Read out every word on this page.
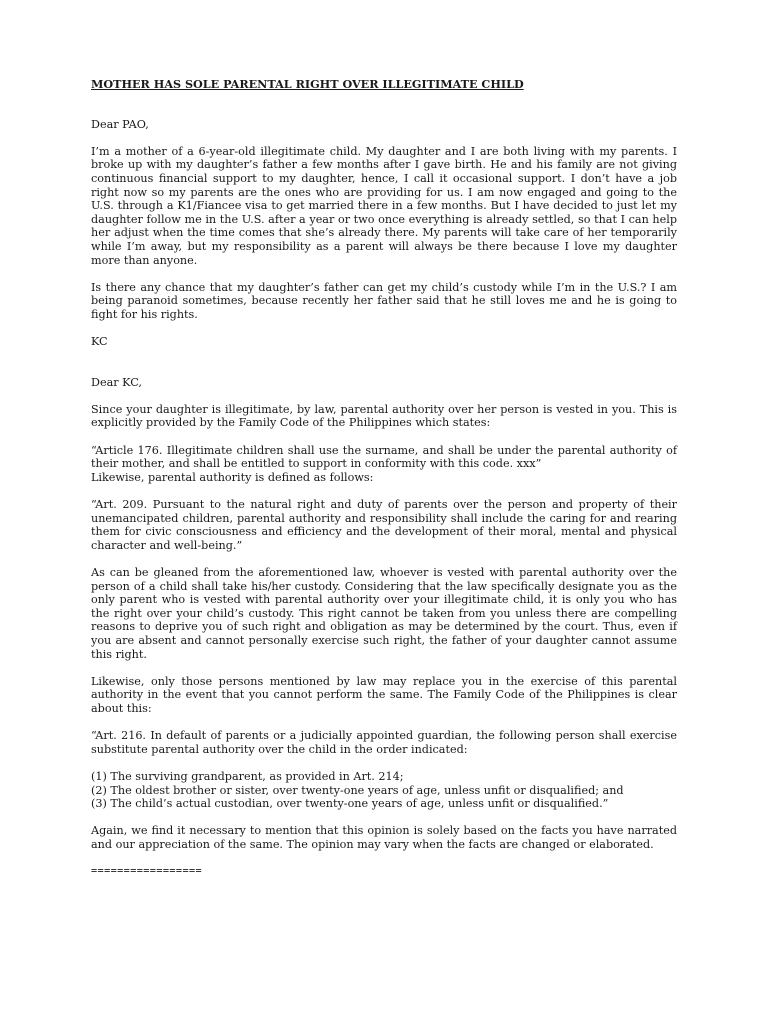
MOTHER HAS SOLE PARENTAL RIGHT OVER ILLEGITIMATE CHILD

Dear PAO,

I’m a mother of a 6-year-old illegitimate child. My daughter and I are both living with my parents. I broke up with my daughter’s father a few months after I gave birth. He and his family are not giving continuous financial support to my daughter, hence, I call it occasional support. I don’t have a job right now so my parents are the ones who are providing for us. I am now engaged and going to the U.S. through a K1/Fiancee visa to get married there in a few months. But I have decided to just let my daughter follow me in the U.S. after a year or two once everything is already settled, so that I can help her adjust when the time comes that she’s already there. My parents will take care of her temporarily while I’m away, but my responsibility as a parent will always be there because I love my daughter more than anyone.

Is there any chance that my daughter’s father can get my child’s custody while I’m in the U.S.? I am being paranoid sometimes, because recently her father said that he still loves me and he is going to fight for his rights.

KC

Dear KC,

Since your daughter is illegitimate, by law, parental authority over her person is vested in you. This is explicitly provided by the Family Code of the Philippines which states:

“Article 176. Illegitimate children shall use the surname, and shall be under the parental authority of their mother, and shall be entitled to support in conformity with this code. xxx”

Likewise, parental authority is defined as follows:

“Art. 209. Pursuant to the natural right and duty of parents over the person and property of their unemancipated children, parental authority and responsibility shall include the caring for and rearing them for civic consciousness and efficiency and the development of their moral, mental and physical character and well-being.”

As can be gleaned from the aforementioned law, whoever is vested with parental authority over the person of a child shall take his/her custody. Considering that the law specifically designate you as the only parent who is vested with parental authority over your illegitimate child, it is only you who has the right over your child’s custody. This right cannot be taken from you unless there are compelling reasons to deprive you of such right and obligation as may be determined by the court. Thus, even if you are absent and cannot personally exercise such right, the father of your daughter cannot assume this right.

Likewise, only those persons mentioned by law may replace you in the exercise of this parental authority in the event that you cannot perform the same. The Family Code of the Philippines is clear about this:

“Art. 216. In default of parents or a judicially appointed guardian, the following person shall exercise substitute parental authority over the child in the order indicated:

(1) The surviving grandparent, as provided in Art. 214;

(2) The oldest brother or sister, over twenty-one years of age, unless unfit or disqualified; and

(3) The child’s actual custodian, over twenty-one years of age, unless unfit or disqualified.”

Again, we find it necessary to mention that this opinion is solely based on the facts you have narrated and our appreciation of the same. The opinion may vary when the facts are changed or elaborated.

=================
